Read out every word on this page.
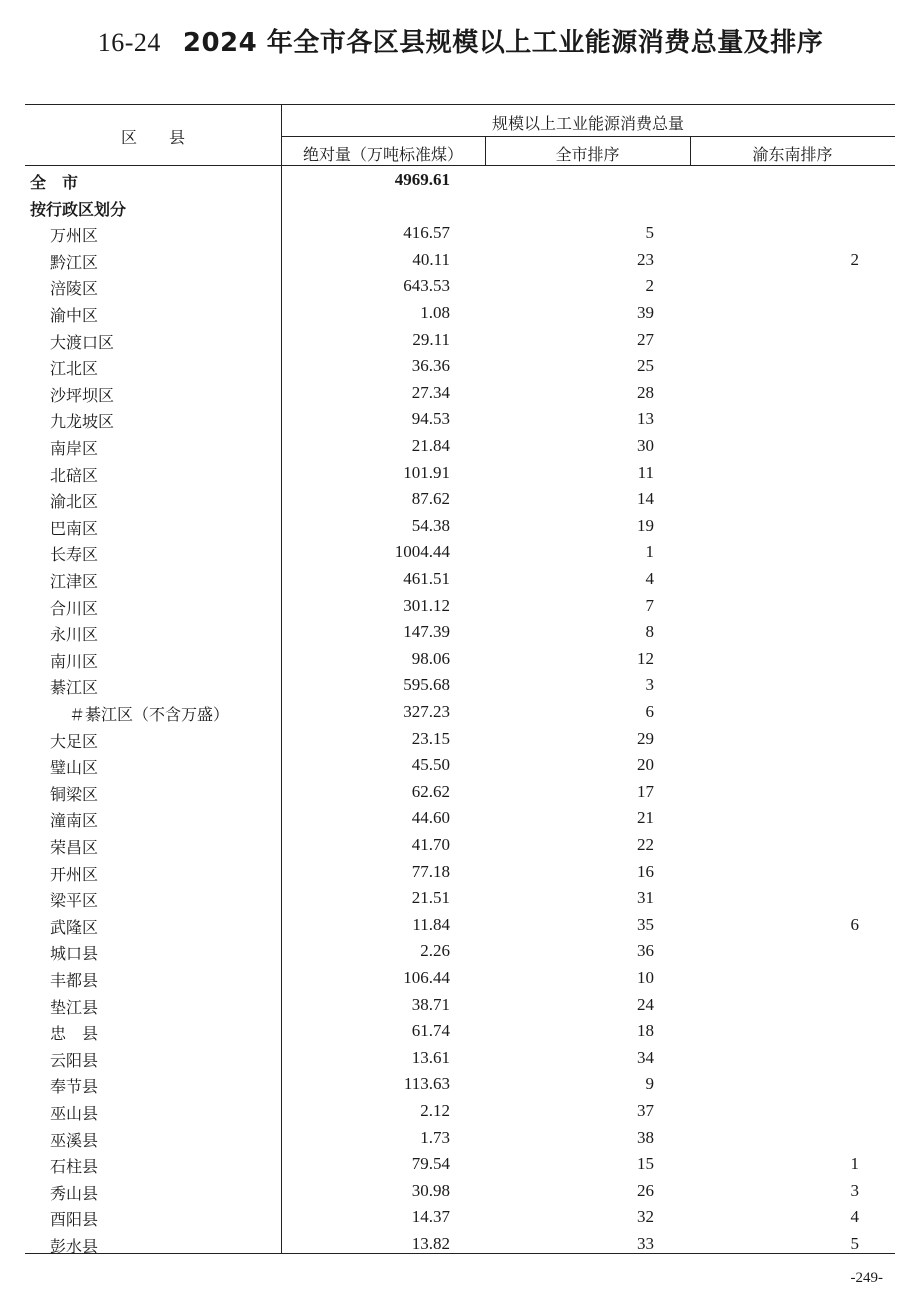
16-24 2024 年全市各区县规模以上工业能源消费总量及排序
区　　县
规模以上工业能源消费总量
绝对量（万吨标准煤）	全市排序	渝东南排序
全　市	4969.61
按行政区划分
万州区	416.57	5
黔江区	40.11	23	2
涪陵区	643.53	2
渝中区	1.08	39
大渡口区	29.11	27
江北区	36.36	25
沙坪坝区	27.34	28
九龙坡区	94.53	13
南岸区	21.84	30
北碚区	101.91	11
渝北区	87.62	14
巴南区	54.38	19
长寿区	1004.44	1
江津区	461.51	4
合川区	301.12	7
永川区	147.39	8
南川区	98.06	12
綦江区	595.68	3
＃綦江区（不含万盛）	327.23	6
大足区	23.15	29
璧山区	45.50	20
铜梁区	62.62	17
潼南区	44.60	21
荣昌区	41.70	22
开州区	77.18	16
梁平区	21.51	31
武隆区	11.84	35	6
城口县	2.26	36
丰都县	106.44	10
垫江县	38.71	24
忠　县	61.74	18
云阳县	13.61	34
奉节县	113.63	9
巫山县	2.12	37
巫溪县	1.73	38
石柱县	79.54	15	1
秀山县	30.98	26	3
酉阳县	14.37	32	4
彭水县	13.82	33	5
-249-
